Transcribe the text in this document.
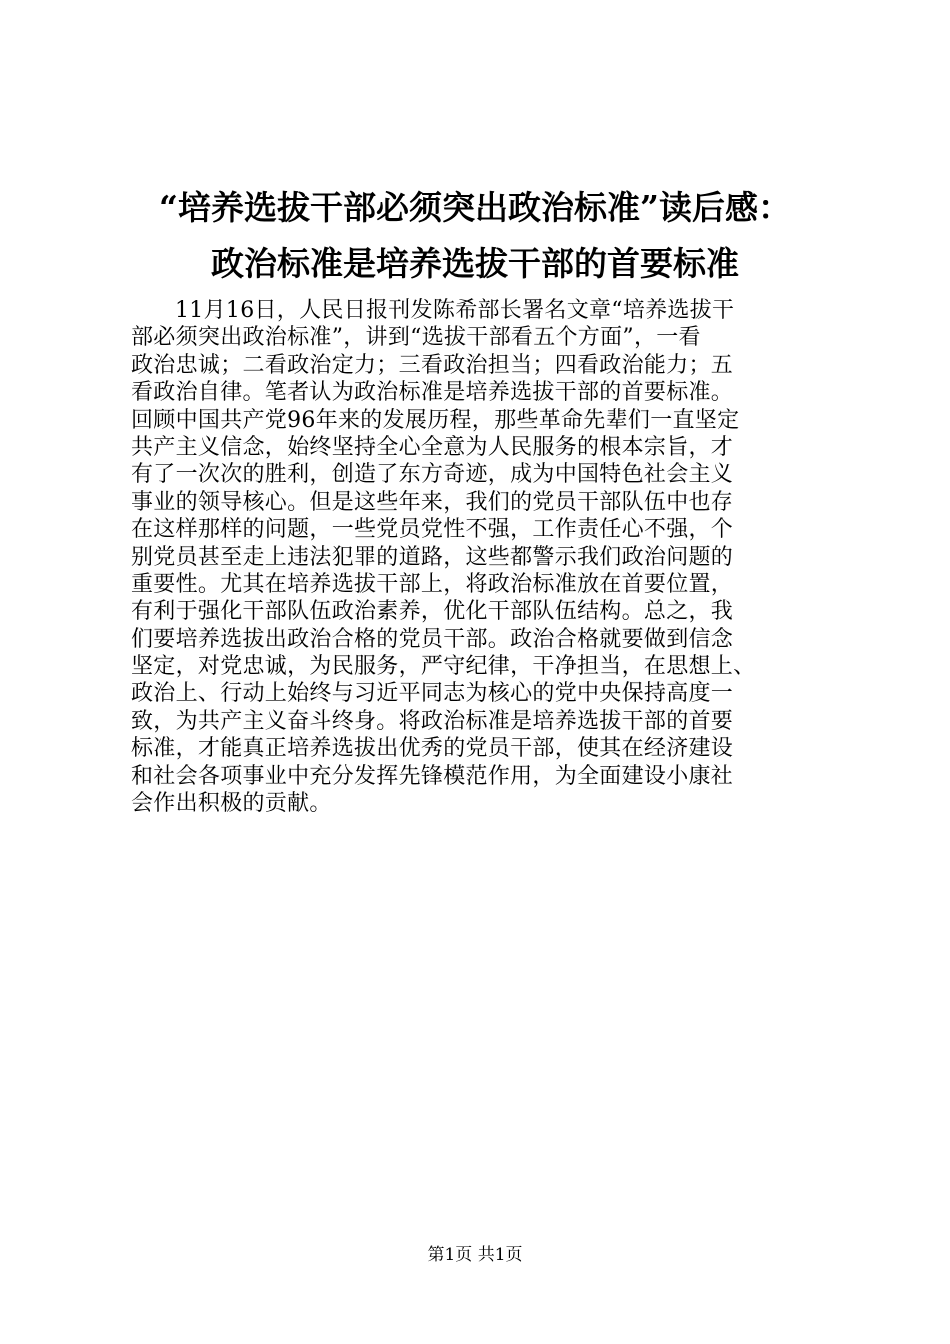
“培养选拔干部必须突出政治标准”读后感：
政治标准是培养选拔干部的首要标准
11月16日，人民日报刊发陈希部长署名文章“培养选拔干
部必须突出政治标准”，讲到“选拔干部看五个方面”，一看
政治忠诚；二看政治定力；三看政治担当；四看政治能力；五
看政治自律。笔者认为政治标准是培养选拔干部的首要标准。
回顾中国共产党96年来的发展历程，那些革命先辈们一直坚定
共产主义信念，始终坚持全心全意为人民服务的根本宗旨，才
有了一次次的胜利，创造了东方奇迹，成为中国特色社会主义
事业的领导核心。但是这些年来，我们的党员干部队伍中也存
在这样那样的问题，一些党员党性不强，工作责任心不强，个
别党员甚至走上违法犯罪的道路，这些都警示我们政治问题的
重要性。尤其在培养选拔干部上，将政治标准放在首要位置，
有利于强化干部队伍政治素养，优化干部队伍结构。总之，我
们要培养选拔出政治合格的党员干部。政治合格就要做到信念
坚定，对党忠诚，为民服务，严守纪律，干净担当，在思想上、
政治上、行动上始终与习近平同志为核心的党中央保持高度一
致，为共产主义奋斗终身。将政治标准是培养选拔干部的首要
标准，才能真正培养选拔出优秀的党员干部，使其在经济建设
和社会各项事业中充分发挥先锋模范作用，为全面建设小康社
会作出积极的贡献。
第1页 共1页
